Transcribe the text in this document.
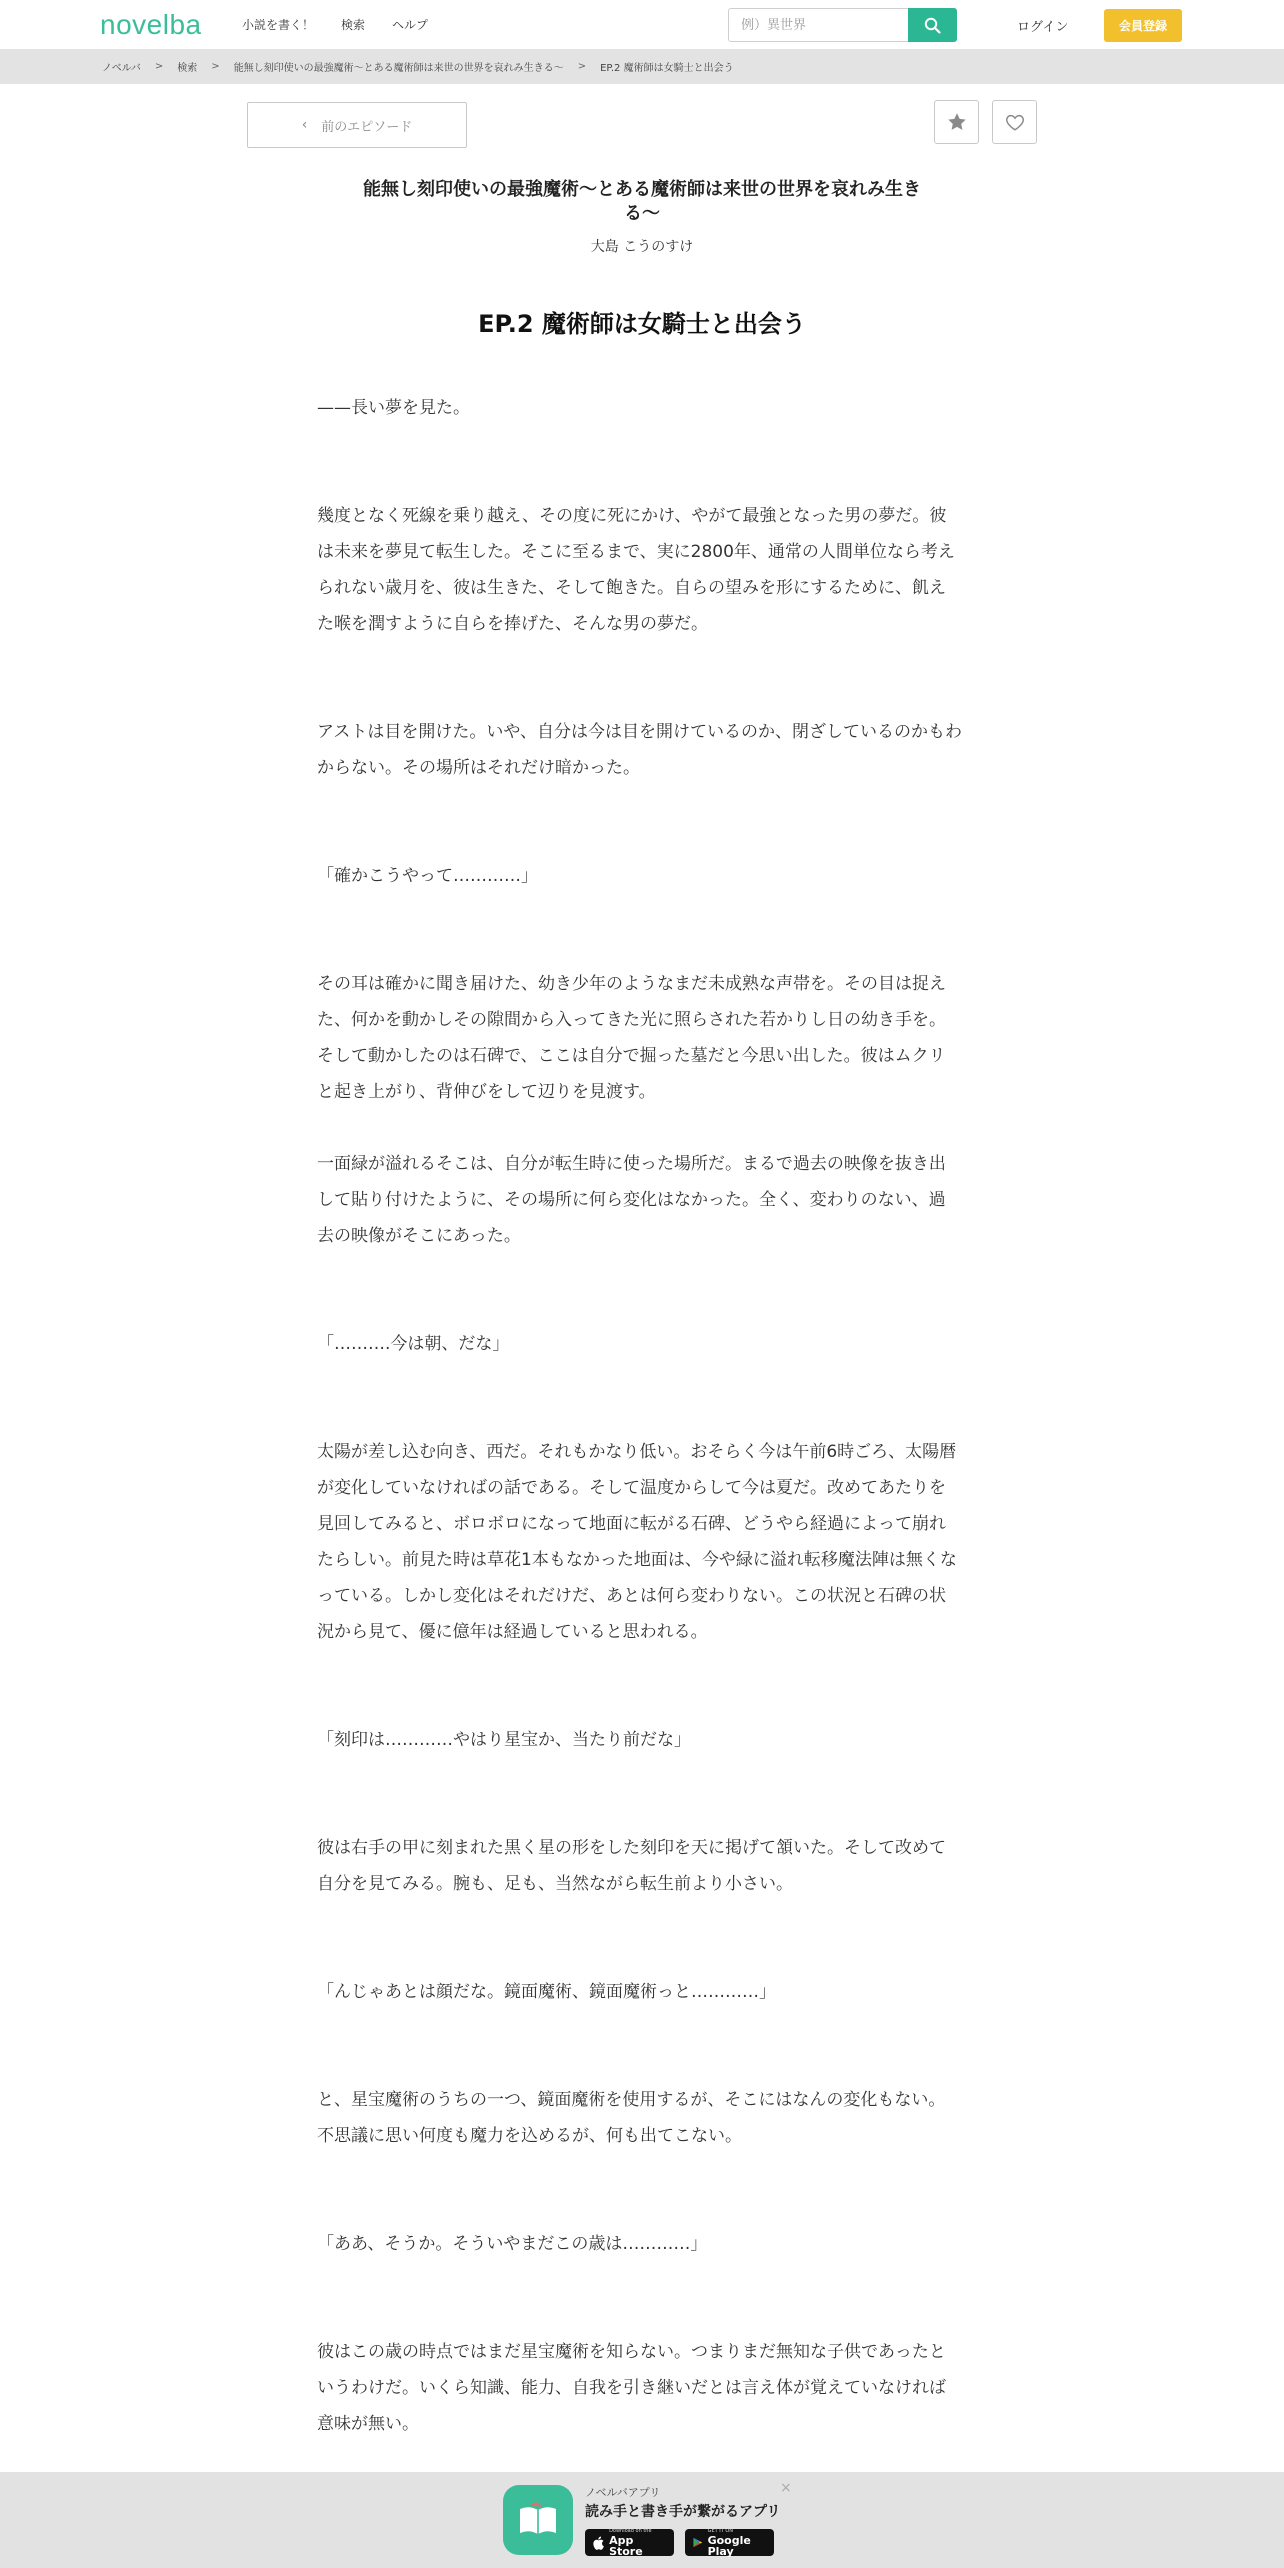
novelba	小説を書く！ 検索 ヘルプ
例）異世界	ログイン	会員登録
ノベルバ > 検索 > 能無し刻印使いの最強魔術〜とある魔術師は来世の世界を哀れみ生きる〜 > EP.2 魔術師は女騎士と出会う
‹ 前のエピソード
能無し刻印使いの最強魔術〜とある魔術師は来世の世界を哀れみ生きる〜
大島 こうのすけ
EP.2 魔術師は女騎士と出会う

——長い夢を見た。

幾度となく死線を乗り越え、その度に死にかけ、やがて最強となった男の夢だ。彼は未来を夢見て転生した。そこに至るまで、実に2800年、通常の人間単位なら考えられない歳月を、彼は生きた、そして飽きた。自らの望みを形にするために、飢えた喉を潤すように自らを捧げた、そんな男の夢だ。

アストは目を開けた。いや、自分は今は目を開けているのか、閉ざしているのかもわからない。その場所はそれだけ暗かった。

「確かこうやって…………」

その耳は確かに聞き届けた、幼き少年のようなまだ未成熟な声帯を。その目は捉えた、何かを動かしその隙間から入ってきた光に照らされた若かりし日の幼き手を。そして動かしたのは石碑で、ここは自分で掘った墓だと今思い出した。彼はムクリと起き上がり、背伸びをして辺りを見渡す。

一面緑が溢れるそこは、自分が転生時に使った場所だ。まるで過去の映像を抜き出して貼り付けたように、その場所に何ら変化はなかった。全く、変わりのない、過去の映像がそこにあった。

「……….今は朝、だな」

太陽が差し込む向き、西だ。それもかなり低い。おそらく今は午前6時ごろ、太陽暦が変化していなければの話である。そして温度からして今は夏だ。改めてあたりを見回してみると、ボロボロになって地面に転がる石碑、どうやら経過によって崩れたらしい。前見た時は草花1本もなかった地面は、今や緑に溢れ転移魔法陣は無くなっている。しかし変化はそれだけだ、あとは何ら変わりない。この状況と石碑の状況から見て、優に億年は経過していると思われる。

「刻印は…………やはり星宝か、当たり前だな」

彼は右手の甲に刻まれた黒く星の形をした刻印を天に掲げて頷いた。そして改めて自分を見てみる。腕も、足も、当然ながら転生前より小さい。

「んじゃあとは顔だな。鏡面魔術、鏡面魔術っと…………」

と、星宝魔術のうちの一つ、鏡面魔術を使用するが、そこにはなんの変化もない。不思議に思い何度も魔力を込めるが、何も出てこない。

「ああ、そうか。そういやまだこの歳は…………」

彼はこの歳の時点ではまだ星宝魔術を知らない。つまりまだ無知な子供であったというわけだ。いくら知識、能力、自我を引き継いだとは言え体が覚えていなければ意味が無い。

ノベルバアプリ
読み手と書き手が繋がるアプリ
×
Download on the
App Store
GET IT ON
Google Play
